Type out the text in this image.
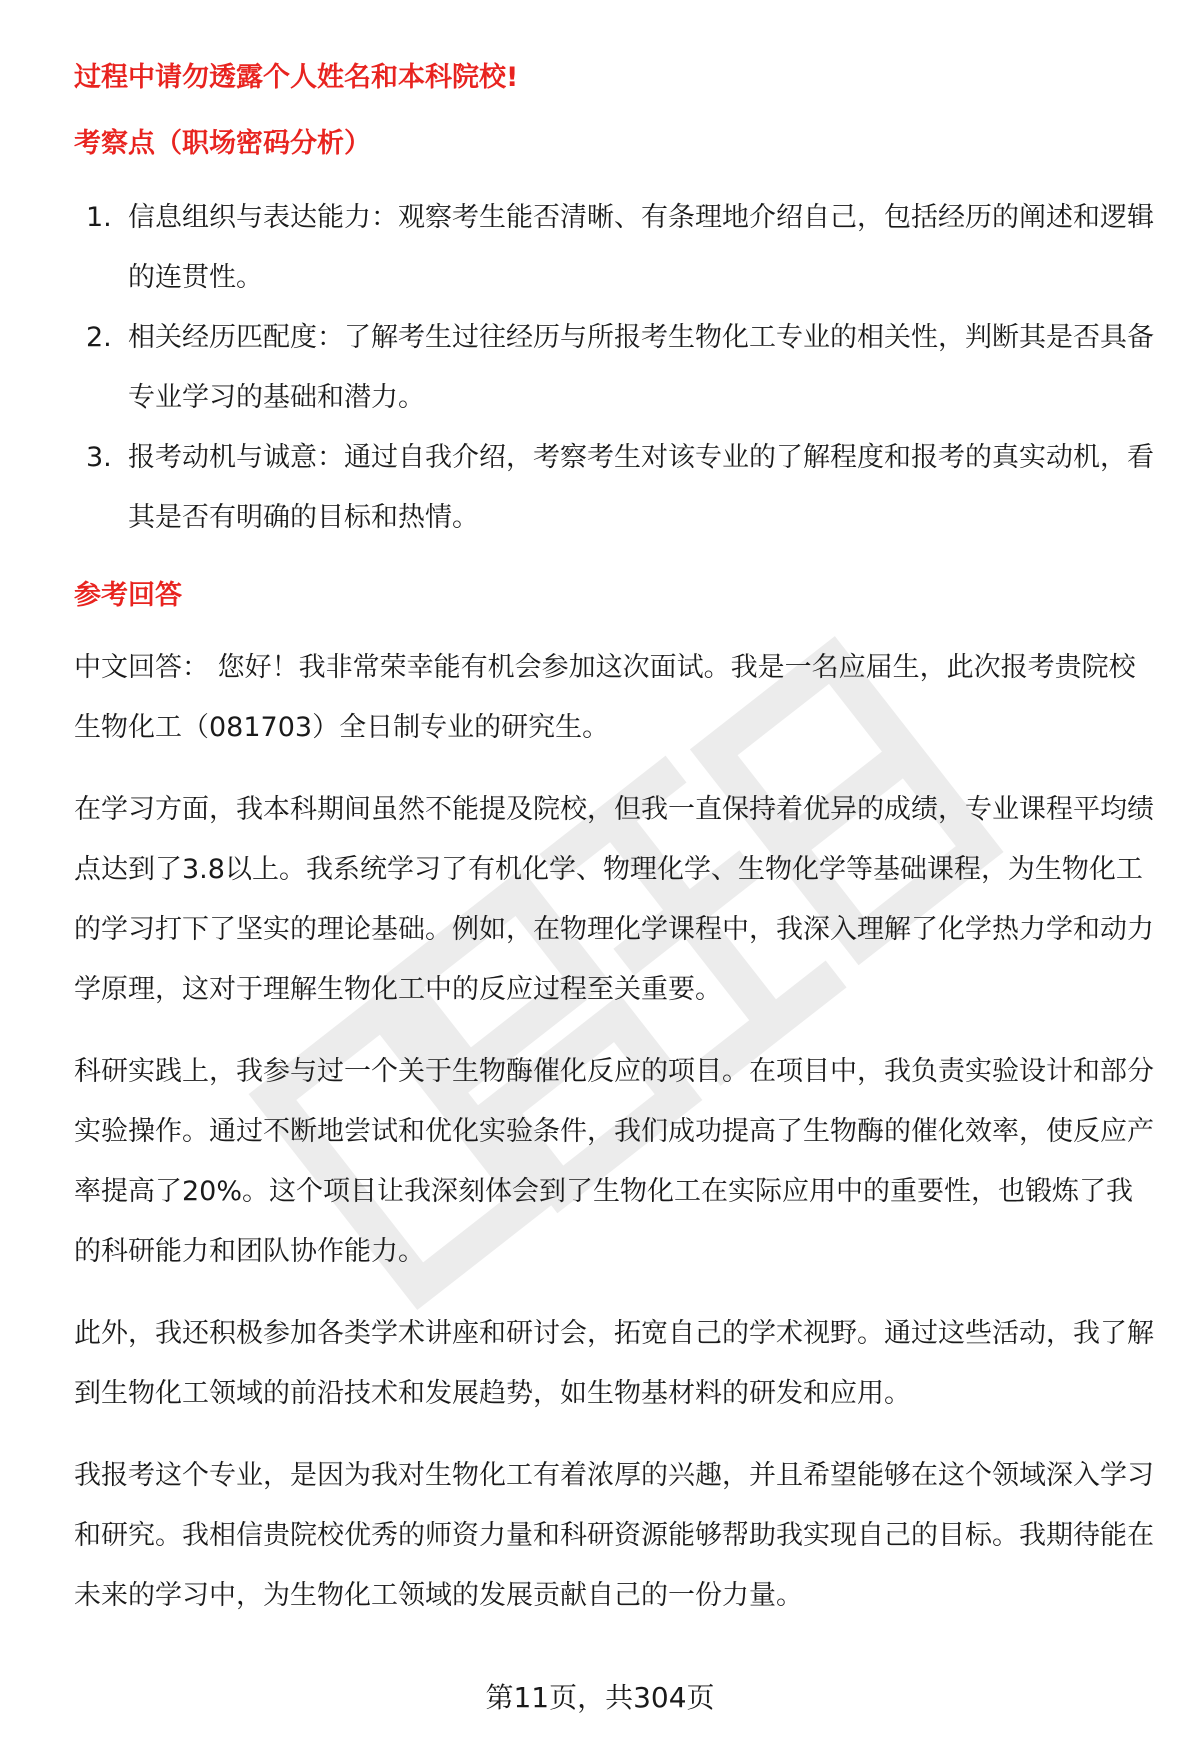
过程中请勿透露个人姓名和本科院校!

考察点（职场密码分析）

1. 信息组织与表达能力：观察考生能否清晰、有条理地介绍自己，包括经历的阐述和逻辑的连贯性。
2. 相关经历匹配度：了解考生过往经历与所报考生物化工专业的相关性，判断其是否具备专业学习的基础和潜力。
3. 报考动机与诚意：通过自我介绍，考察考生对该专业的了解程度和报考的真实动机，看其是否有明确的目标和热情。

参考回答

中文回答： 您好！我非常荣幸能有机会参加这次面试。我是一名应届生，此次报考贵院校生物化工（081703）全日制专业的研究生。

在学习方面，我本科期间虽然不能提及院校，但我一直保持着优异的成绩，专业课程平均绩点达到了3.8以上。我系统学习了有机化学、物理化学、生物化学等基础课程，为生物化工的学习打下了坚实的理论基础。例如，在物理化学课程中，我深入理解了化学热力学和动力学原理，这对于理解生物化工中的反应过程至关重要。

科研实践上，我参与过一个关于生物酶催化反应的项目。在项目中，我负责实验设计和部分实验操作。通过不断地尝试和优化实验条件，我们成功提高了生物酶的催化效率，使反应产率提高了20%。这个项目让我深刻体会到了生物化工在实际应用中的重要性，也锻炼了我的科研能力和团队协作能力。

此外，我还积极参加各类学术讲座和研讨会，拓宽自己的学术视野。通过这些活动，我了解到生物化工领域的前沿技术和发展趋势，如生物基材料的研发和应用。

我报考这个专业，是因为我对生物化工有着浓厚的兴趣，并且希望能够在这个领域深入学习和研究。我相信贵院校优秀的师资力量和科研资源能够帮助我实现自己的目标。我期待能在未来的学习中，为生物化工领域的发展贡献自己的一份力量。

第11页，共304页
